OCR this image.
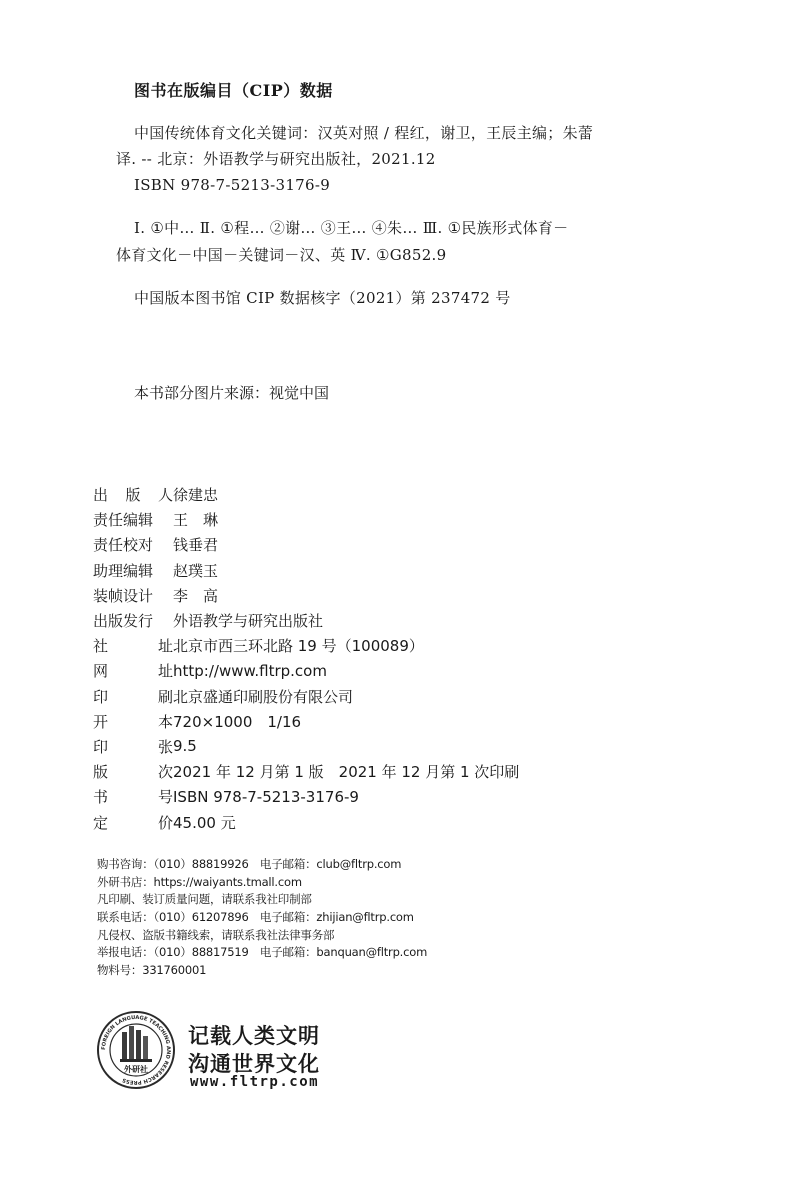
图书在版编目（CIP）数据
中国传统体育文化关键词：汉英对照 / 程红，谢卫，王辰主编；朱蕾
译. -- 北京：外语教学与研究出版社，2021.12
ISBN 978-7-5213-3176-9
Ⅰ. ①中… Ⅱ. ①程… ②谢… ③王… ④朱… Ⅲ. ①民族形式体育－
体育文化－中国－关键词－汉、英 Ⅳ. ①G852.9
中国版本图书馆 CIP 数据核字（2021）第 237472 号
本书部分图片来源：视觉中国
出 版 人 徐建忠
责任编辑	王　琳
责任校对	钱垂君
助理编辑	赵璞玉
装帧设计	李　高
出版发行	外语教学与研究出版社
社	址 北京市西三环北路 19 号（100089）
网	址 http://www.fltrp.com
印	刷 北京盛通印刷股份有限公司
开	本 720×1000　1/16
印	张 9.5
版	次 2021 年 12 月第 1 版　2021 年 12 月第 1 次印刷
书	号 ISBN 978-7-5213-3176-9
定	价 45.00 元
购书咨询：（010）88819926　电子邮箱：club@fltrp.com
外研书店：https://waiyants.tmall.com
凡印刷、装订质量问题，请联系我社印制部
联系电话：（010）61207896　电子邮箱：zhijian@fltrp.com
凡侵权、盗版书籍线索，请联系我社法律事务部
举报电话：（010）88817519　电子邮箱：banquan@fltrp.com
物料号：331760001
FOREIGN LANGUAGE TEACHING AND RESEARCH PRESS
外研社
记载人类文明
沟通世界文化
www.fltrp.com
